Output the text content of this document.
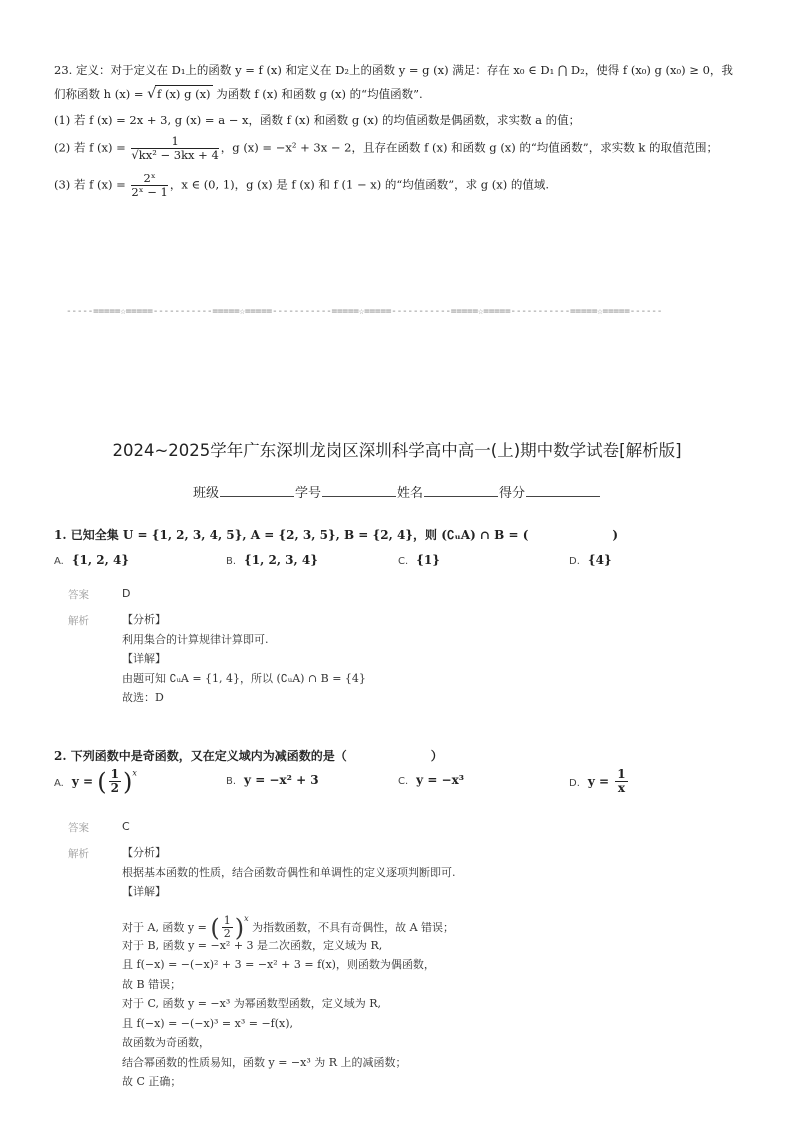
23. 定义：对于定义在 D₁上的函数 y = f (x) 和定义在 D₂上的函数 y = g (x) 满足：存在 x₀ ∈ D₁ ⋂ D₂，使得 f (x₀) g (x₀) ≥ 0，我
们称函数 h (x) = √f (x) g (x) 为函数 f (x) 和函数 g (x) 的“均值函数”.
(1) 若 f (x) = 2x + 3, g (x) = a − x，函数 f (x) 和函数 g (x) 的均值函数是偶函数，求实数 a 的值；
(2) 若 f $(x) = \frac{1}{\text{√kx² − 3kx + 4}}$ ，g (x) = −x² + 3x − 2，且存在函数 f (x) 和函数 g (x) 的“均值函数”，求实数 k 的取值范围；
(3) 若 f $(x) = \frac{\text{2ˣ}}{\text{2ˣ − 1}}$ ，x ∈ (0, 1)，g (x) 是 f (x) 和 f (1 − x) 的“均值函数”，求 g (x) 的值域.
-----=====☆=====-----------=====☆=====-----------=====☆=====-----------=====☆=====-----------=====☆=====------
2024~2025学年广东深圳龙岗区深圳科学高中高一(上)期中数学试卷[解析版]
班级	学号	姓名	得分
1. 已知全集 U = {1, 2, 3, 4, 5}, A = {2, 3, 5}, B = {2, 4}，则 (∁ᵤA) ∩ B = (	)
A. {1, 2, 4}	B. {1, 2, 3, 4}	C. {1}	D. {4}
答案	D
解析	【分析】
利用集合的计算规律计算即可.
【详解】
由题可知 ∁ᵤA = {1, 4}，所以 (∁ᵤA) ∩ B = {4}
故选：D
2. 下列函数中是奇函数，又在定义域内为减函数的是（	）
A. y = ( $\frac{1}{2} )^x$
B. y = −x² + 3	C. y = −x³	D. $y = \frac{1}{x}$
答案	C
解析	【分析】
根据基本函数的性质，结合函数奇偶性和单调性的定义逐项判断即可.
【详解】
对于 A, 函数 y = ( $\frac{1}{2} )^x$ 为指数函数，不具有奇偶性，故 A 错误；
对于 B, 函数 y = −x² + 3 是二次函数，定义域为 R,
且 f(−x) = −(−x)² + 3 = −x² + 3 = f(x)，则函数为偶函数，
故 B 错误；
对于 C, 函数 y = −x³ 为幂函数型函数，定义域为 R,
且 f(−x) = −(−x)³ = x³ = −f(x),
故函数为奇函数，
结合幂函数的性质易知，函数 y = −x³ 为 R 上的减函数；
故 C 正确；
